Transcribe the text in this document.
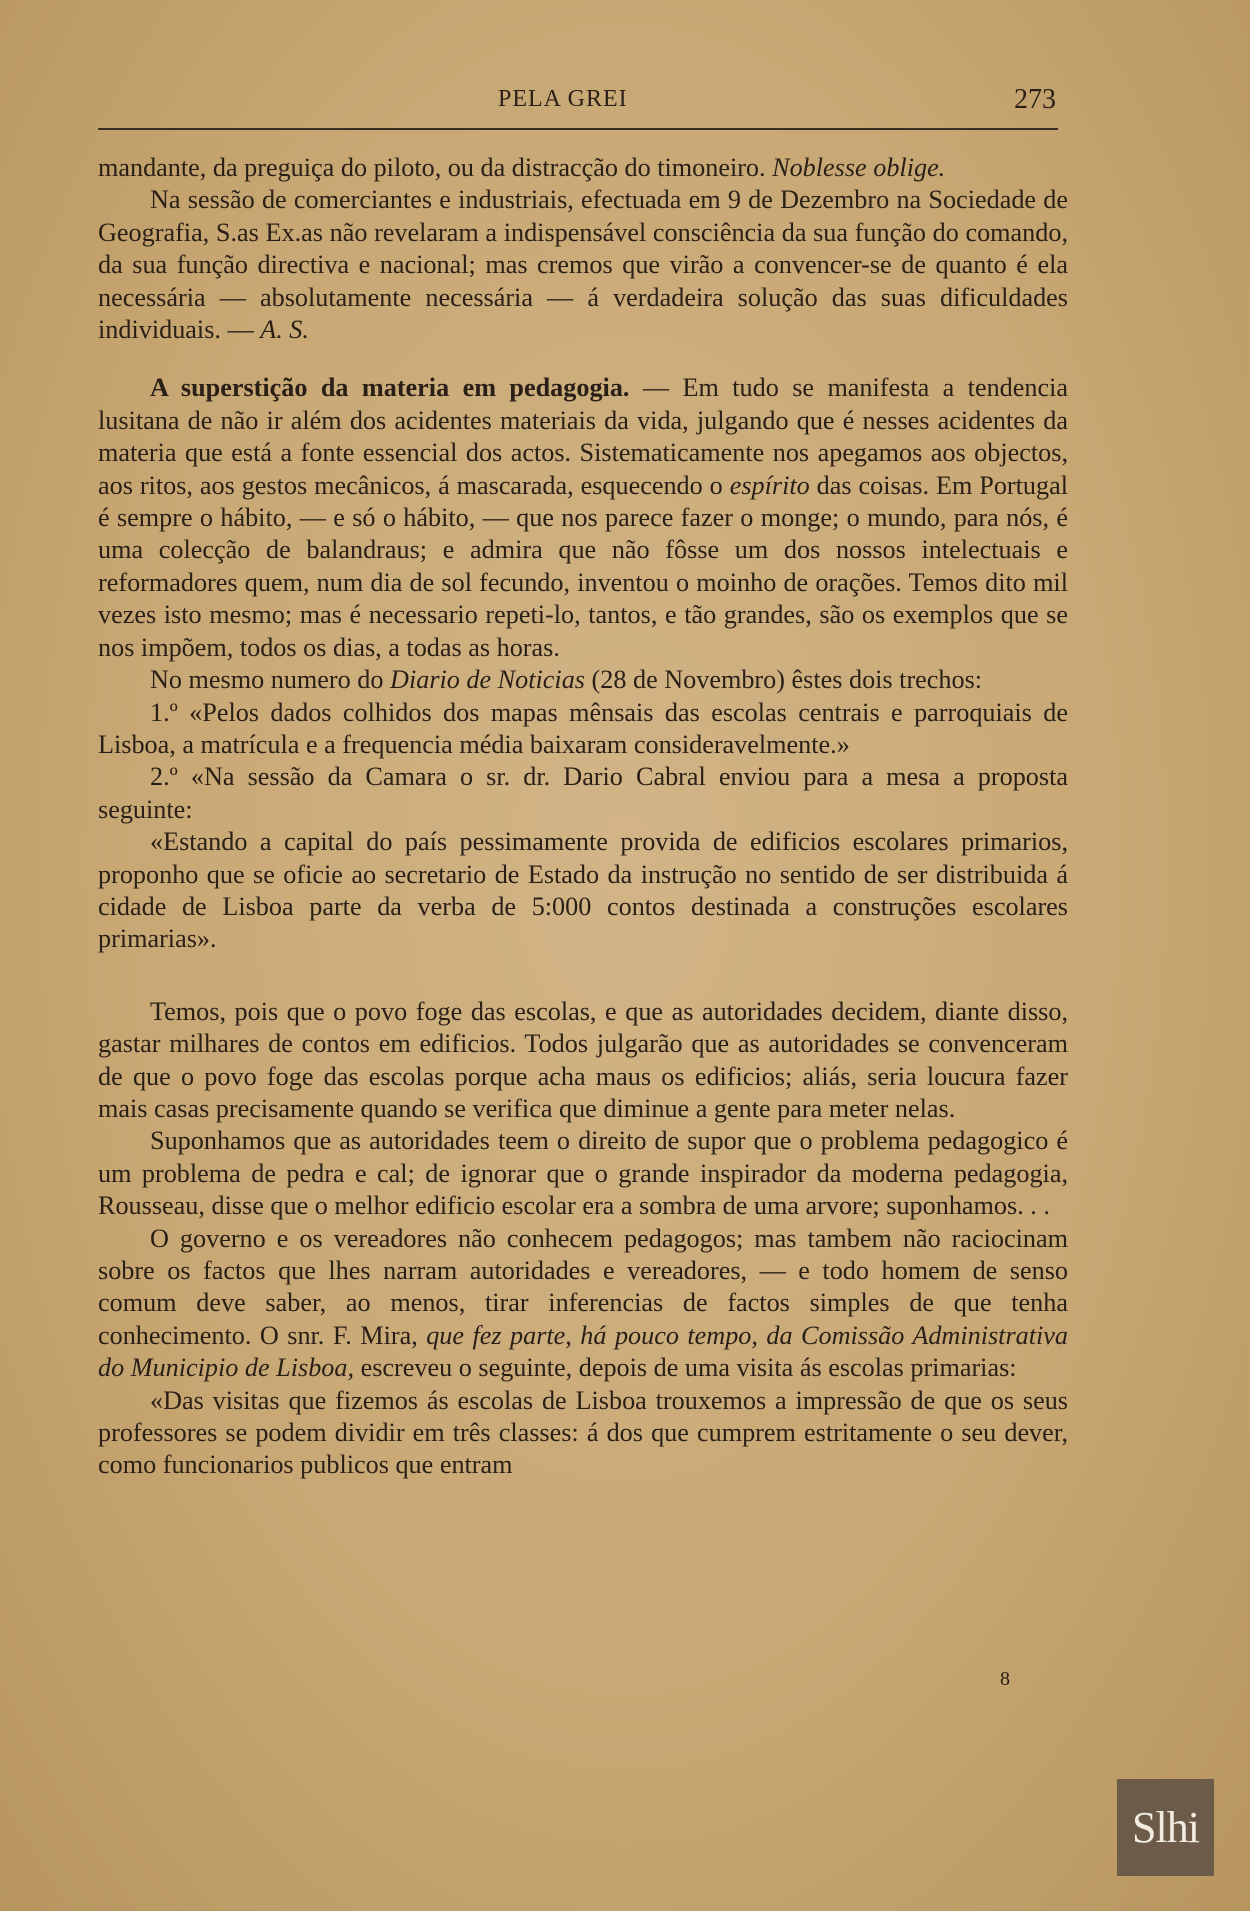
PELA GREI	273

mandante, da preguiça do piloto, ou da distracção do timoneiro. Noblesse oblige.

Na sessão de comerciantes e industriais, efectuada em 9 de Dezembro na Sociedade de Geografia, S.as Ex.as não revelaram a indispensável consciência da sua função do comando, da sua função directiva e nacional; mas cremos que virão a convencer-se de quanto é ela necessária — absolutamente necessária — á verdadeira solução das suas dificuldades individuais. — A. S.

A superstição da materia em pedagogia. — Em tudo se manifesta a tendencia lusitana de não ir além dos acidentes materiais da vida, julgando que é nesses acidentes da materia que está a fonte essencial dos actos. Sistematicamente nos apegamos aos objectos, aos ritos, aos gestos mecânicos, á mascarada, esquecendo o espírito das coisas. Em Portugal é sempre o hábito, — e só o hábito, — que nos parece fazer o monge; o mundo, para nós, é uma colecção de balandraus; e admira que não fôsse um dos nossos intelectuais e reformadores quem, num dia de sol fecundo, inventou o moinho de orações. Temos dito mil vezes isto mesmo; mas é necessario repeti-lo, tantos, e tão grandes, são os exemplos que se nos impõem, todos os dias, a todas as horas.

No mesmo numero do Diario de Noticias (28 de Novembro) êstes dois trechos:

1.º «Pelos dados colhidos dos mapas mênsais das escolas centrais e parroquiais de Lisboa, a matrícula e a frequencia média baixaram consideravelmente.»

2.º «Na sessão da Camara o sr. dr. Dario Cabral enviou para a mesa a proposta seguinte:

«Estando a capital do país pessimamente provida de edificios escolares primarios, proponho que se oficie ao secretario de Estado da instrução no sentido de ser distribuida á cidade de Lisboa parte da verba de 5:000 contos destinada a construções escolares primarias».

Temos, pois que o povo foge das escolas, e que as autoridades decidem, diante disso, gastar milhares de contos em edificios. Todos julgarão que as autoridades se convenceram de que o povo foge das escolas porque acha maus os edificios; aliás, seria loucura fazer mais casas precisamente quando se verifica que diminue a gente para meter nelas.

Suponhamos que as autoridades teem o direito de supor que o problema pedagogico é um problema de pedra e cal; de ignorar que o grande inspirador da moderna pedagogia, Rousseau, disse que o melhor edificio escolar era a sombra de uma arvore; suponhamos. . .

O governo e os vereadores não conhecem pedagogos; mas tambem não raciocinam sobre os factos que lhes narram autoridades e vereadores, — e todo homem de senso comum deve saber, ao menos, tirar inferencias de factos simples de que tenha conhecimento. O snr. F. Mira, que fez parte, há pouco tempo, da Comissão Administrativa do Municipio de Lisboa, escreveu o seguinte, depois de uma visita ás escolas primarias:

«Das visitas que fizemos ás escolas de Lisboa trouxemos a impressão de que os seus professores se podem dividir em três classes: á dos que cumprem estritamente o seu dever, como funcionarios publicos que entram

8
Slhi
